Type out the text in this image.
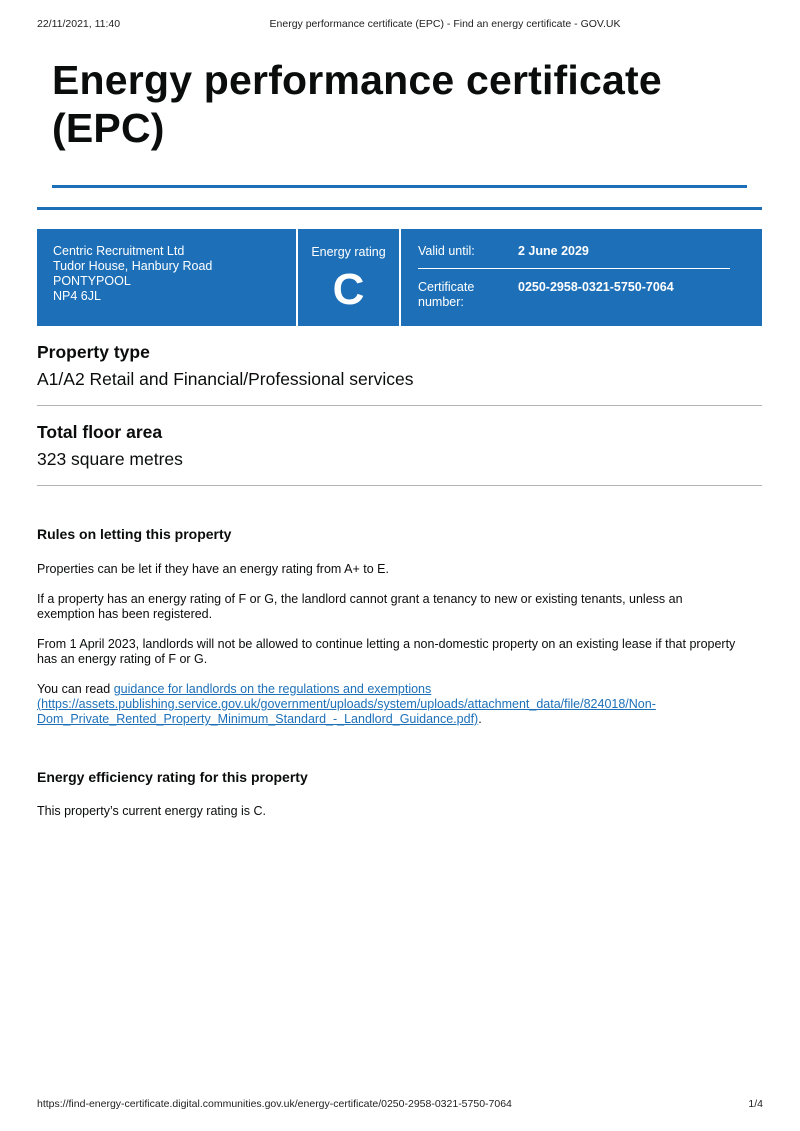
22/11/2021, 11:40	Energy performance certificate (EPC) - Find an energy certificate - GOV.UK
Energy performance certificate
(EPC)
Centric Recruitment Ltd
Tudor House, Hanbury Road
PONTYPOOL
NP4 6JL
Energy rating
C
Valid until:	2 June 2029
Certificate number:
0250-2958-0321-5750-7064
Property type
A1/A2 Retail and Financial/Professional services
Total floor area
323 square metres
Rules on letting this property

Properties can be let if they have an energy rating from A+ to E.

If a property has an energy rating of F or G, the landlord cannot grant a tenancy to new or existing tenants, unless an exemption has been registered.

From 1 April 2023, landlords will not be allowed to continue letting a non-domestic property on an existing lease if that property has an energy rating of F or G.

You can read guidance for landlords on the regulations and exemptions
(https://assets.publishing.service.gov.uk/government/uploads/system/uploads/attachment_data/file/824018/Non-
Dom_Private_Rented_Property_Minimum_Standard_-_Landlord_Guidance.pdf).

Energy efficiency rating for this property

This property’s current energy rating is C.

https://find-energy-certificate.digital.communities.gov.uk/energy-certificate/0250-2958-0321-5750-7064	1/4
